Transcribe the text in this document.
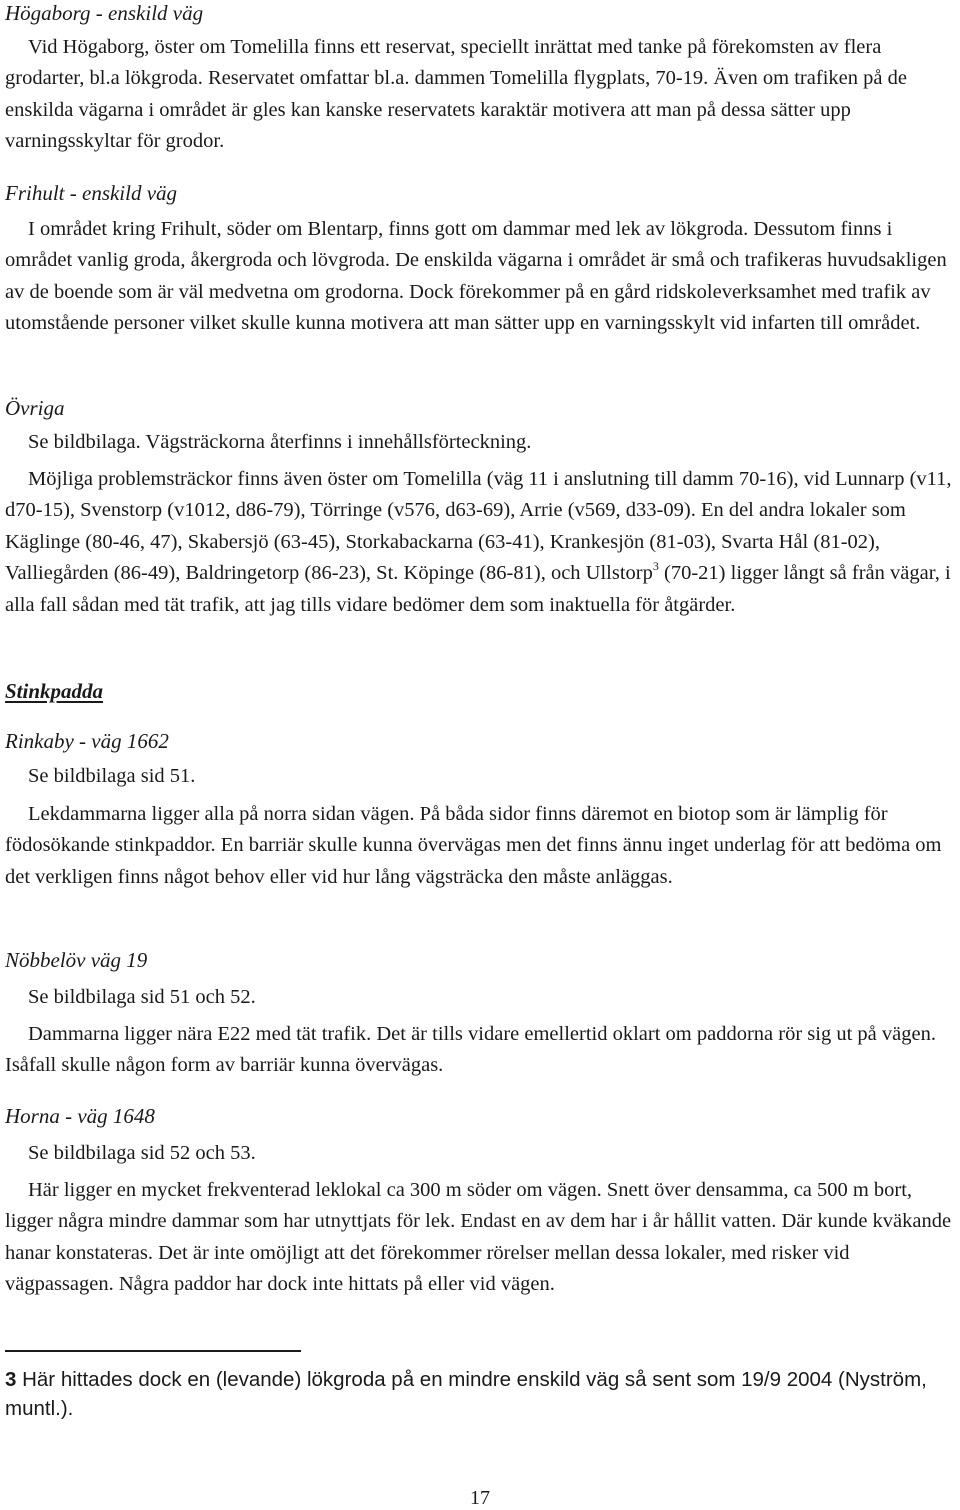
Högaborg - enskild väg

Vid Högaborg, öster om Tomelilla finns ett reservat, speciellt inrättat med tanke på förekomsten av flera grodarter, bl.a lökgroda. Reservatet omfattar bl.a. dammen Tomelilla flygplats, 70-19. Även om trafiken på de enskilda vägarna i området är gles kan kanske reservatets karaktär motivera att man på dessa sätter upp varningsskyltar för grodor.

Frihult - enskild väg

I området kring Frihult, söder om Blentarp, finns gott om dammar med lek av lökgroda. Dessutom finns i området vanlig groda, åkergroda och lövgroda. De enskilda vägarna i området är små och trafikeras huvudsakligen av de boende som är väl medvetna om grodorna. Dock förekommer på en gård ridskoleverksamhet med trafik av utomstående personer vilket skulle kunna motivera att man sätter upp en varningsskylt vid infarten till området.

Övriga
Se bildbilaga. Vägsträckorna återfinns i innehållsförteckning.

Möjliga problemsträckor finns även öster om Tomelilla (väg 11 i anslutning till damm 70-16), vid Lunnarp (v11, d70-15), Svenstorp (v1012, d86-79), Törringe (v576, d63-69), Arrie (v569, d33-09). En del andra lokaler som Käglinge (80-46, 47), Skabersjö (63-45), Storkabackarna (63-41), Krankesjön (81-03), Svarta Hål (81-02), Valliegården (86-49), Baldringetorp (86-23), St. Köpinge (86-81), och Ullstorp$^3$ (70-21) ligger långt så från vägar, i alla fall sådan med tät trafik, att jag tills vidare bedömer dem som inaktuella för åtgärder.

Stinkpadda
Rinkaby - väg 1662
Se bildbilaga sid 51.

Lekdammarna ligger alla på norra sidan vägen. På båda sidor finns däremot en biotop som är lämplig för födosökande stinkpaddor. En barriär skulle kunna övervägas men det finns ännu inget underlag för att bedöma om det verkligen finns något behov eller vid hur lång vägsträcka den måste anläggas.

Nöbbelöv väg 19
Se bildbilaga sid 51 och 52.

Dammarna ligger nära E22 med tät trafik. Det är tills vidare emellertid oklart om paddorna rör sig ut på vägen. Isåfall skulle någon form av barriär kunna övervägas.

Horna - väg 1648
Se bildbilaga sid 52 och 53.

Här ligger en mycket frekventerad leklokal ca 300 m söder om vägen. Snett över densamma, ca 500 m bort, ligger några mindre dammar som har utnyttjats för lek. Endast en av dem har i år hållit vatten. Där kunde kväkande hanar konstateras. Det är inte omöjligt att det förekommer rörelser mellan dessa lokaler, med risker vid vägpassagen. Några paddor har dock inte hittats på eller vid vägen.

3 Här hittades dock en (levande) lökgroda på en mindre enskild väg så sent som 19/9 2004 (Nyström, muntl.).

17
